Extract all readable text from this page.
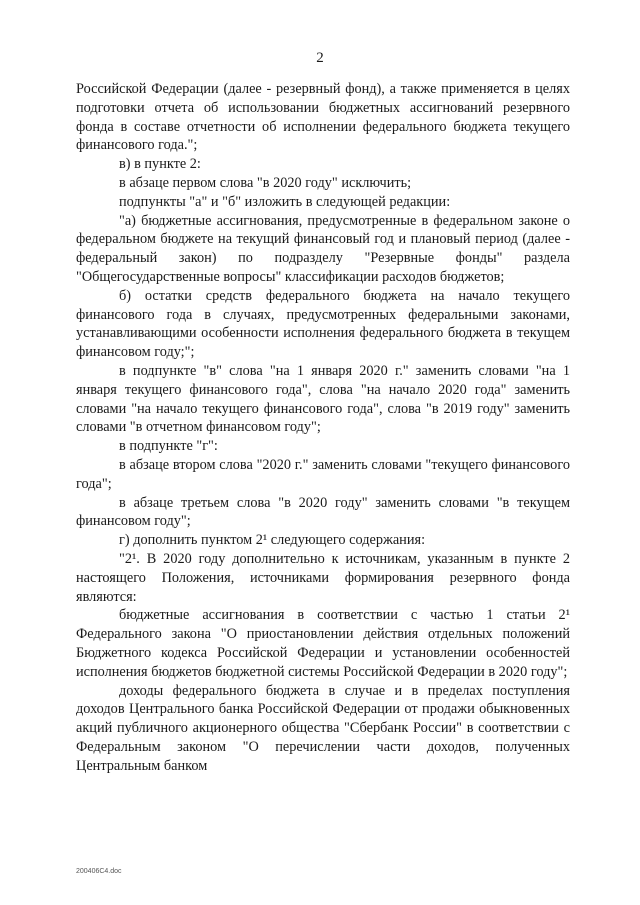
2

Российской Федерации (далее - резервный фонд), а также применяется в целях подготовки отчета об использовании бюджетных ассигнований резервного фонда в составе отчетности об исполнении федерального бюджета текущего финансового года.";

в) в пункте 2:

в абзаце первом слова "в 2020 году" исключить;

подпункты "а" и "б" изложить в следующей редакции:

"а) бюджетные ассигнования, предусмотренные в федеральном законе о федеральном бюджете на текущий финансовый год и плановый период (далее - федеральный закон) по подразделу "Резервные фонды" раздела "Общегосударственные вопросы" классификации расходов бюджетов;

б) остатки средств федерального бюджета на начало текущего финансового года в случаях, предусмотренных федеральными законами, устанавливающими особенности исполнения федерального бюджета в текущем финансовом году;";

в подпункте "в" слова "на 1 января 2020 г." заменить словами "на 1 января текущего финансового года", слова "на начало 2020 года" заменить словами "на начало текущего финансового года", слова "в 2019 году" заменить словами "в отчетном финансовом году";

в подпункте "г":

в абзаце втором слова "2020 г." заменить словами "текущего финансового года";

в абзаце третьем слова "в 2020 году" заменить словами "в текущем финансовом году";

г) дополнить пунктом 2¹ следующего содержания:

"2¹. В 2020 году дополнительно к источникам, указанным в пункте 2 настоящего Положения, источниками формирования резервного фонда являются:

бюджетные ассигнования в соответствии с частью 1 статьи 2¹ Федерального закона "О приостановлении действия отдельных положений Бюджетного кодекса Российской Федерации и установлении особенностей исполнения бюджетов бюджетной системы Российской Федерации в 2020 году";

доходы федерального бюджета в случае и в пределах поступления доходов Центрального банка Российской Федерации от продажи обыкновенных акций публичного акционерного общества "Сбербанк России" в соответствии с Федеральным законом "О перечислении части доходов, полученных Центральным банком

200406C4.doc
